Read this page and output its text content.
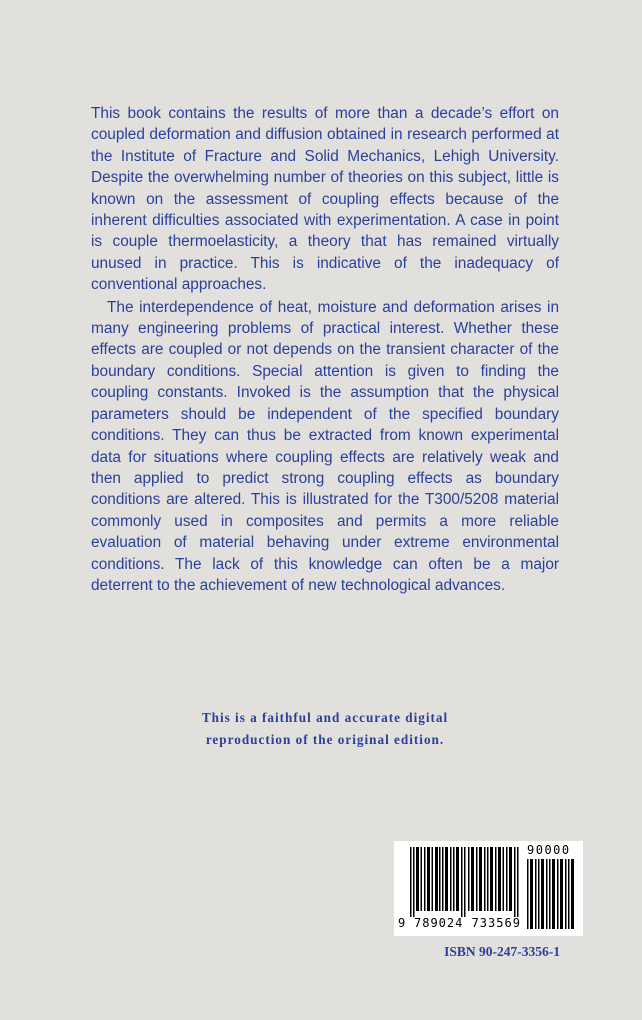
This book contains the results of more than a decade’s effort on coupled deformation and diffusion obtained in research performed at the Institute of Fracture and Solid Mechanics, Lehigh University. Despite the overwhelming number of theories on this subject, little is known on the assessment of coupling effects because of the inherent difficulties associated with experimentation. A case in point is couple thermoelasticity, a theory that has remained virtually unused in practice. This is indicative of the inadequacy of conventional approaches.

The interdependence of heat, moisture and deformation arises in many engineering problems of practical interest. Whether these effects are coupled or not depends on the transient character of the boundary conditions. Special attention is given to finding the coupling constants. Invoked is the assumption that the physical parameters should be independent of the specified boundary conditions. They can thus be extracted from known experimental data for situations where coupling effects are relatively weak and then applied to predict strong coupling effects as boundary conditions are altered. This is illustrated for the T300/5208 material commonly used in composites and permits a more reliable evaluation of material behaving under extreme environmental conditions. The lack of this knowledge can often be a major deterrent to the achievement of new technological advances.

This is a faithful and accurate digital
reproduction of the original edition.
9 789024 733569
90000
ISBN 90-247-3356-1
